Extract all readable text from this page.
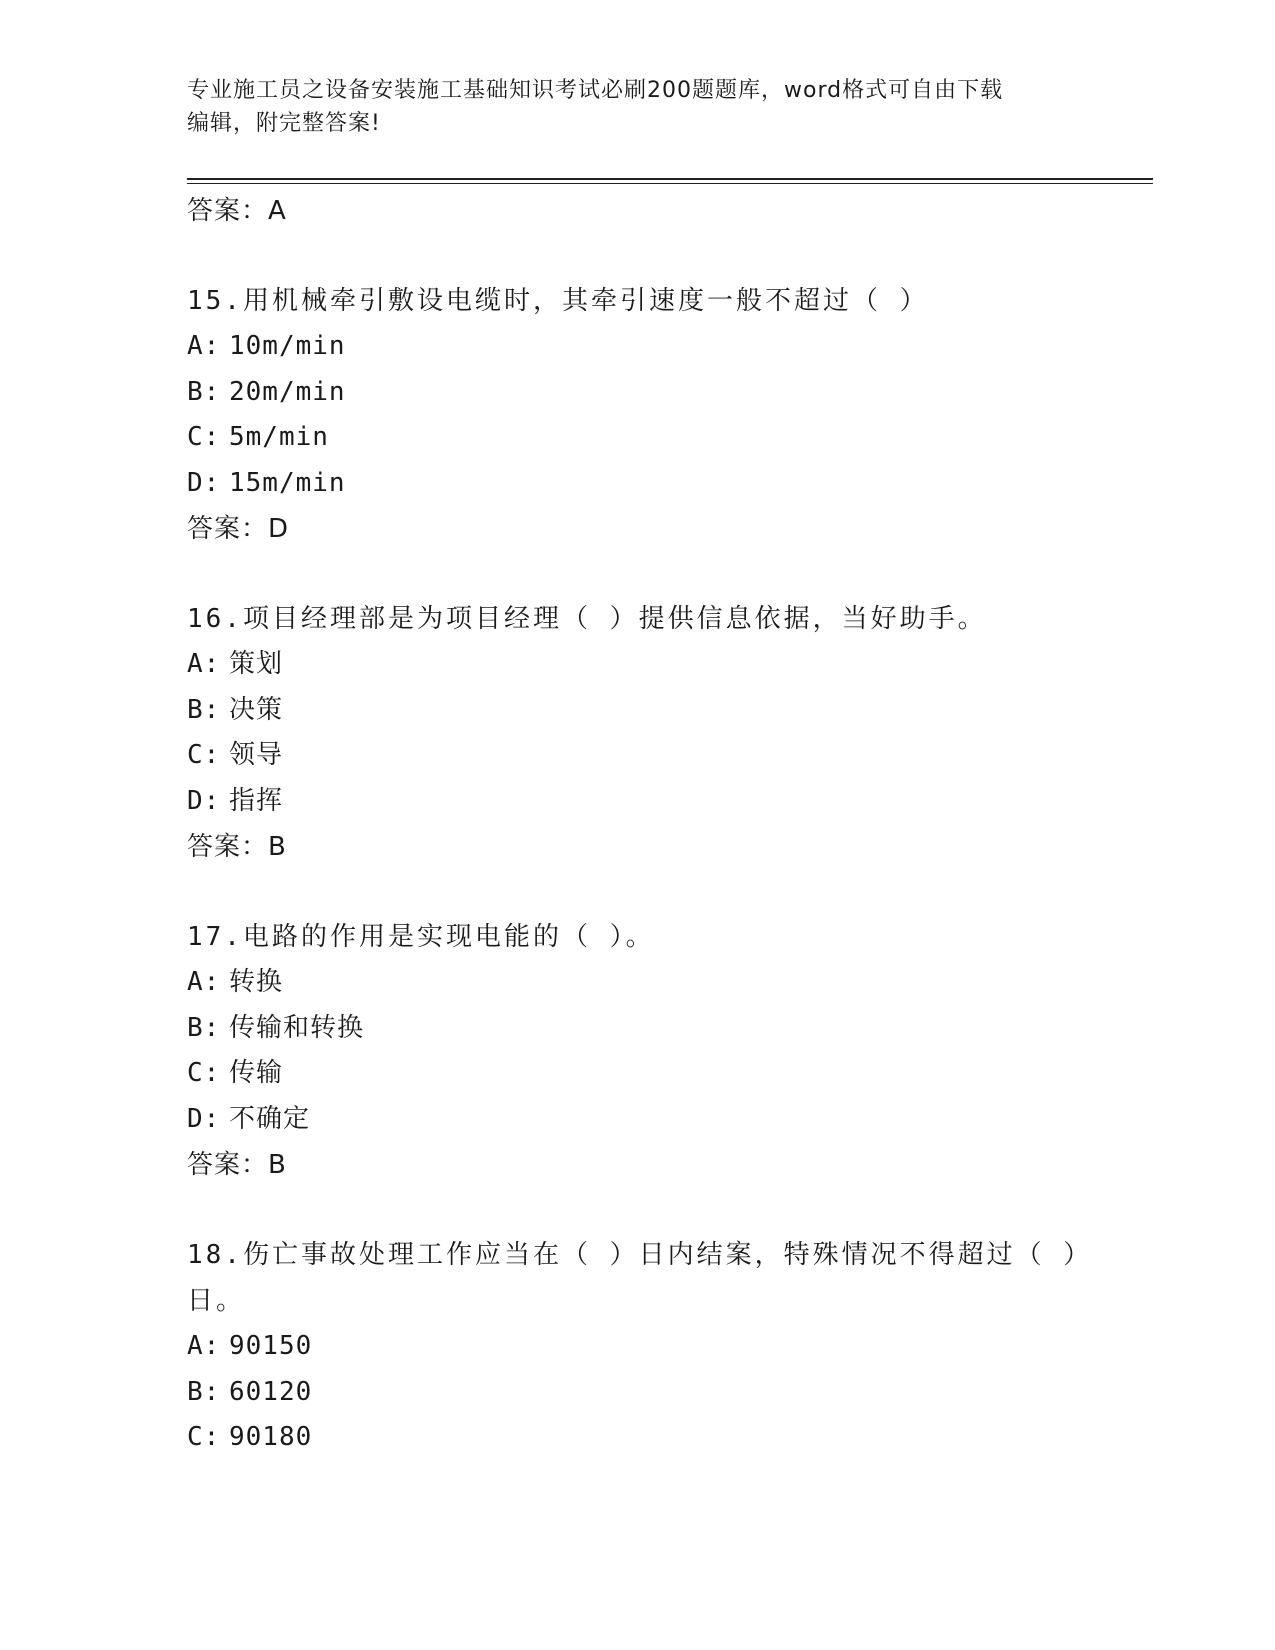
专业施工员之设备安装施工基础知识考试必刷200题题库，word格式可自由下载
编辑，附完整答案!
答案：A
15.用机械牵引敷设电缆时，其牵引速度一般不超过（ ）
A: 10m/min
B: 20m/min
C: 5m/min
D: 15m/min
答案：D
16.项目经理部是为项目经理（ ）提供信息依据，当好助手。
A: 策划
B: 决策
C: 领导
D: 指挥
答案：B
17.电路的作用是实现电能的（ ）。
A: 转换
B: 传输和转换
C: 传输
D: 不确定
答案：B
18.伤亡事故处理工作应当在（ ）日内结案，特殊情况不得超过（ ）日。
A: 90150
B: 60120
C: 90180
